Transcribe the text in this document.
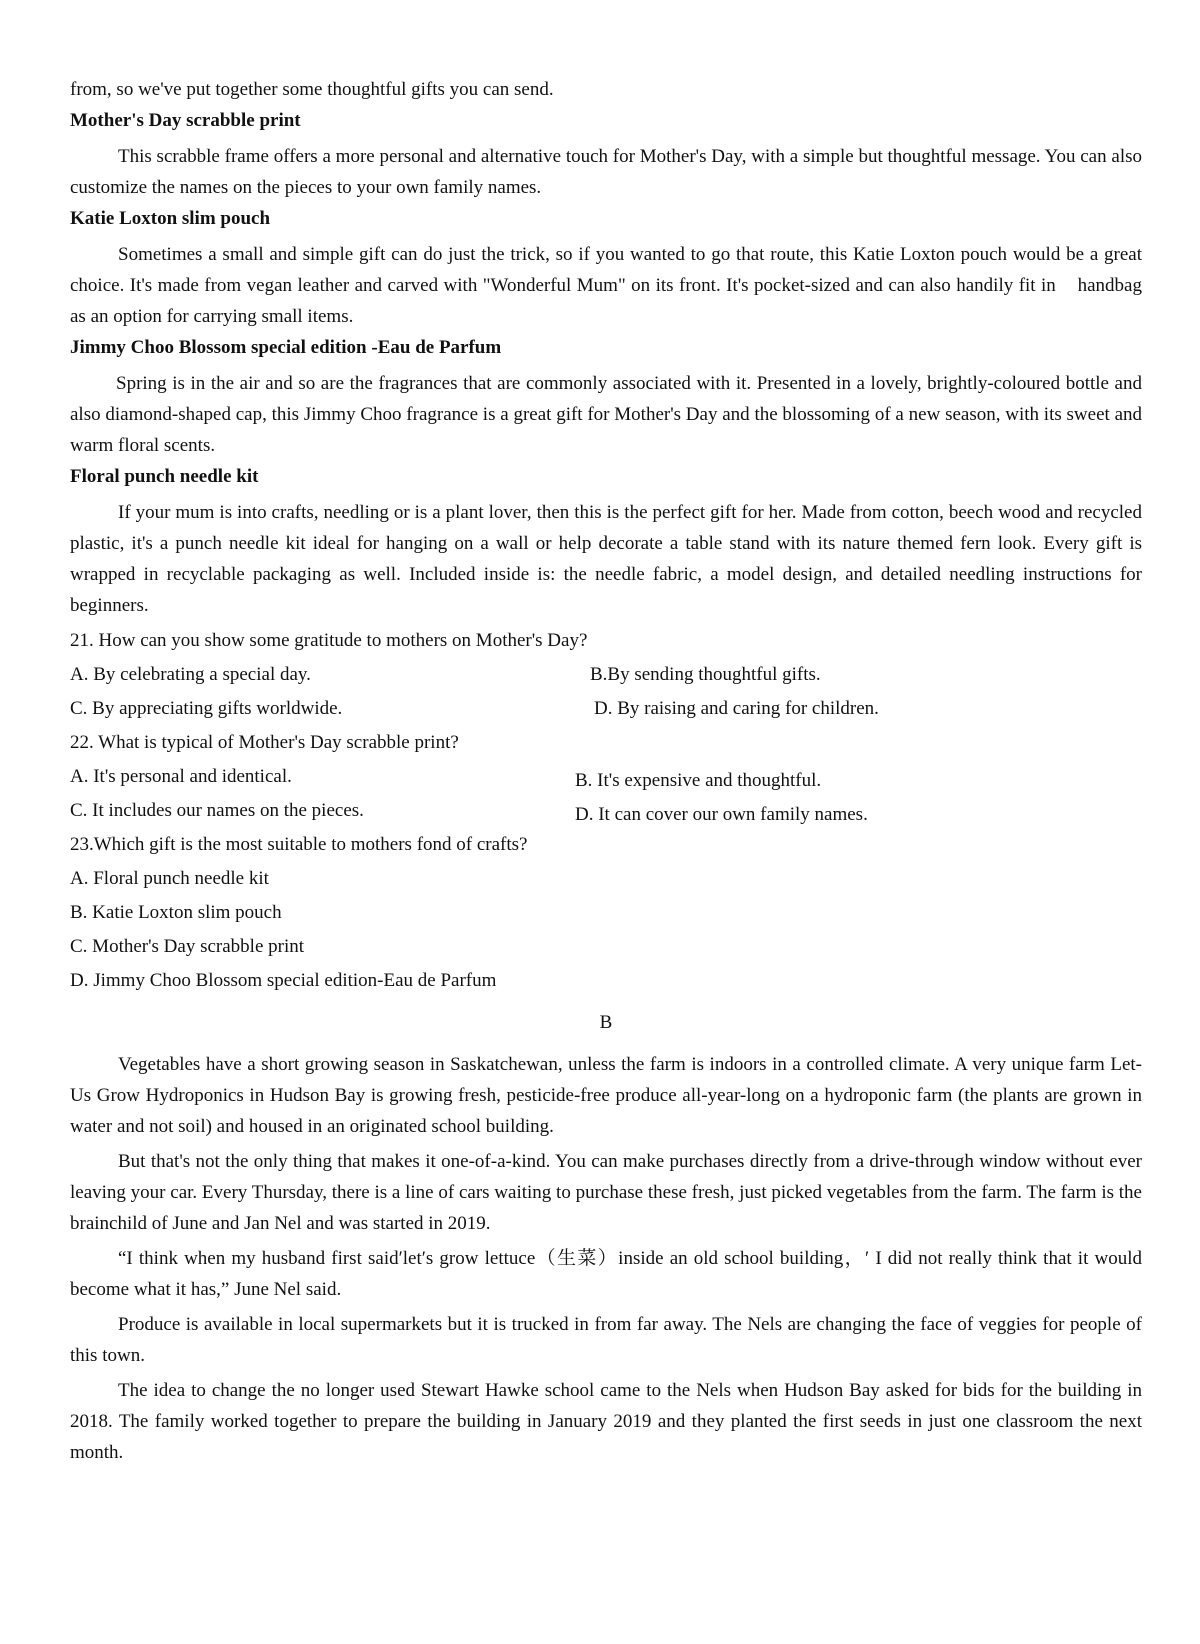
from, so we've put together some thoughtful gifts you can send.

Mother's Day scrabble print

This scrabble frame offers a more personal and alternative touch for Mother's Day, with a simple but thoughtful message. You can also customize the names on the pieces to your own family names.

Katie Loxton slim pouch

Sometimes a small and simple gift can do just the trick, so if you wanted to go that route, this Katie Loxton pouch would be a great choice. It's made from vegan leather and carved with "Wonderful Mum" on its front. It's pocket-sized and can also handily fit in    handbag as an option for carrying small items.

Jimmy Choo Blossom special edition -Eau de Parfum

Spring is in the air and so are the fragrances that are commonly associated with it. Presented in a lovely, brightly-coloured bottle and also diamond-shaped cap, this Jimmy Choo fragrance is a great gift for Mother's Day and the blossoming of a new season, with its sweet and warm floral scents.

Floral punch needle kit

If your mum is into crafts, needling or is a plant lover, then this is the perfect gift for her. Made from cotton, beech wood and recycled plastic, it's a punch needle kit ideal for hanging on a wall or help decorate a table stand with its nature themed fern look. Every gift is wrapped in recyclable packaging as well. Included inside is: the needle fabric, a model design, and detailed needling instructions for beginners.

21. How can you show some gratitude to mothers on Mother's Day?

A. By celebrating a special day.	B.By sending thoughtful gifts.
C. By appreciating gifts worldwide.	D. By raising and caring for children.

22. What is typical of Mother's Day scrabble print?

A. It's personal and identical.	B. It's expensive and thoughtful.
C. It includes our names on the pieces.	D. It can cover our own family names.

23.Which gift is the most suitable to mothers fond of crafts?

A. Floral punch needle kit

B. Katie Loxton slim pouch

C. Mother's Day scrabble print

D. Jimmy Choo Blossom special edition-Eau de Parfum

B

Vegetables have a short growing season in Saskatchewan, unless the farm is indoors in a controlled climate. A very unique farm Let-Us Grow Hydroponics in Hudson Bay is growing fresh, pesticide-free produce all-year-long on a hydroponic farm (the plants are grown in water and not soil) and housed in an originated school building.

But that's not the only thing that makes it one-of-a-kind. You can make purchases directly from a drive-through window without ever leaving your car. Every Thursday, there is a line of cars waiting to purchase these fresh, just picked vegetables from the farm. The farm is the brainchild of June and Jan Nel and was started in 2019.

“I think when my husband first said′let′s grow lettuce（生菜）inside an old school building，′ I did not really think that it would become what it has,” June Nel said.

Produce is available in local supermarkets but it is trucked in from far away. The Nels are changing the face of veggies for people of this town.

The idea to change the no longer used Stewart Hawke school came to the Nels when Hudson Bay asked for bids for the building in 2018. The family worked together to prepare the building in January 2019 and they planted the first seeds in just one classroom the next month.
